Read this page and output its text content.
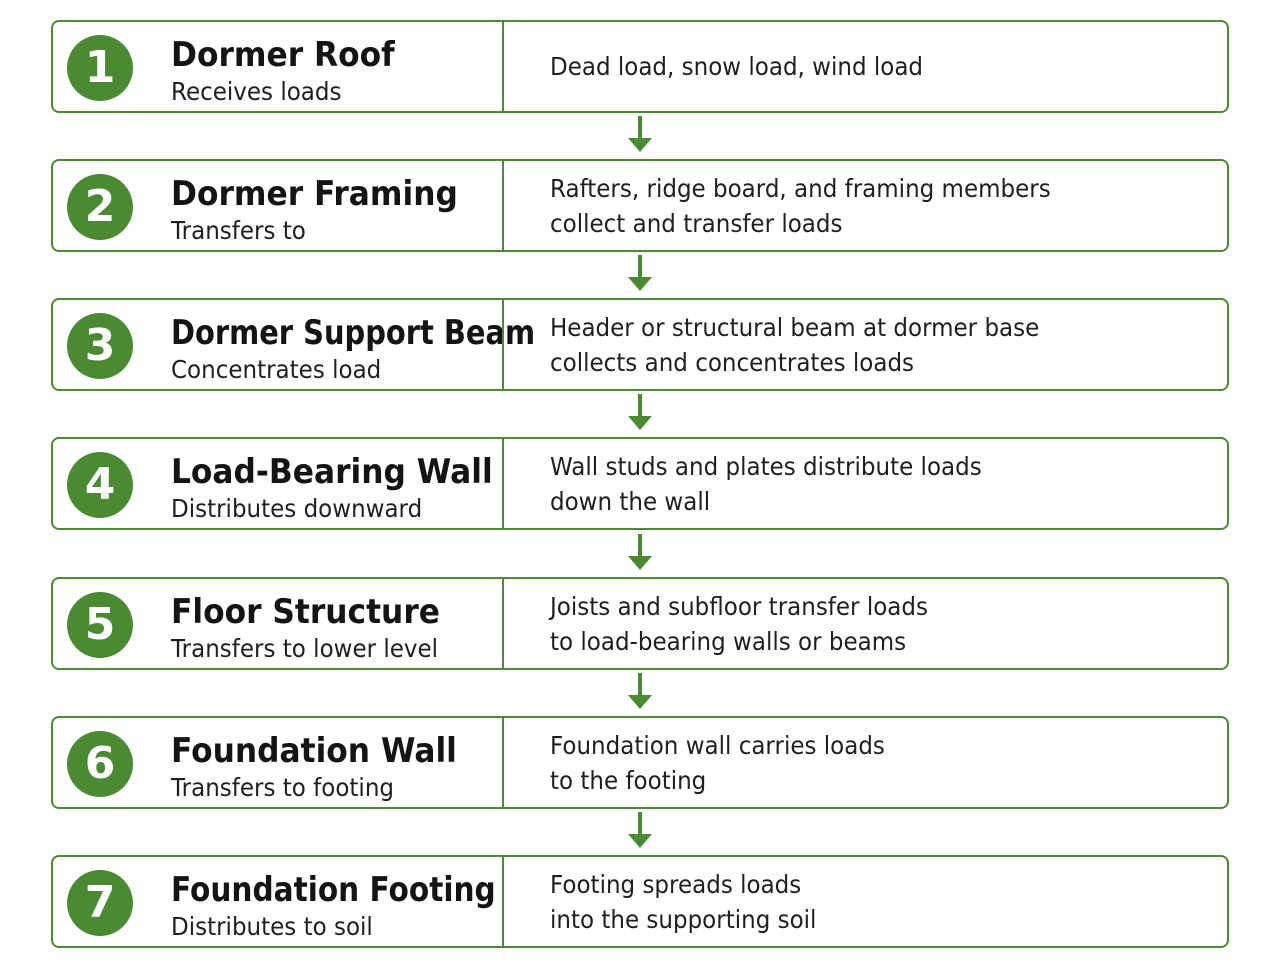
1	Dormer Roof
Receives loads
Dead load, snow load, wind load
2	Dormer Framing
Transfers to
Rafters, ridge board, and framing members
collect and transfer loads
3	Dormer Support Beam
Concentrates load
Header or structural beam at dormer base
collects and concentrates loads
4	Load-Bearing Wall
Distributes downward
Wall studs and plates distribute loads
down the wall
5	Floor Structure
Transfers to lower level
Joists and subfloor transfer loads
to load-bearing walls or beams
6	Foundation Wall
Transfers to footing
Foundation wall carries loads
to the footing
7	Foundation Footing
Distributes to soil
Footing spreads loads
into the supporting soil
